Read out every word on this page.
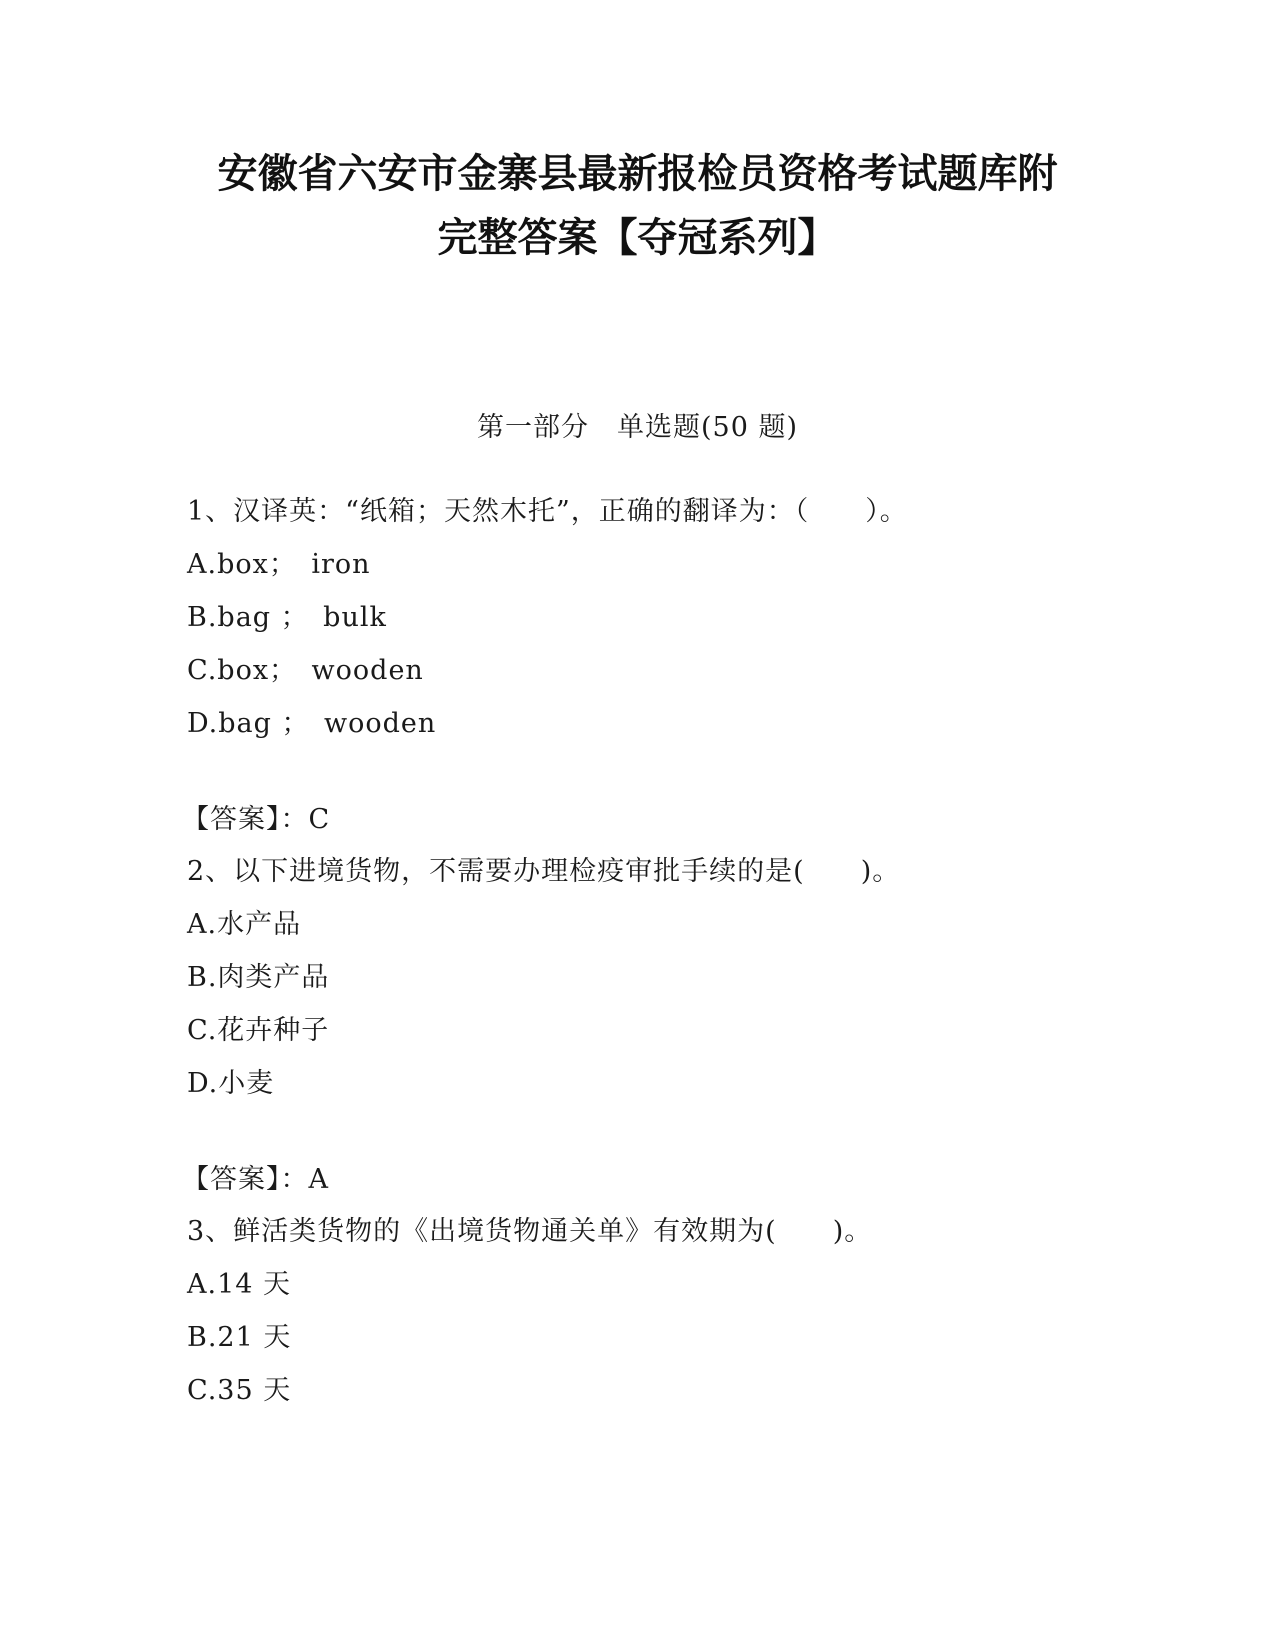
安徽省六安市金寨县最新报检员资格考试题库附
完整答案【夺冠系列】
第一部分　单选题(50 题)
1、汉译英：“纸箱；天然木托”，正确的翻译为：（　　）。
A.box；　iron
B.bag ；　bulk
C.box；　wooden
D.bag ；　wooden
【答案】：C
2、以下进境货物，不需要办理检疫审批手续的是(　　)。
A.水产品
B.肉类产品
C.花卉种子
D.小麦
【答案】：A
3、鲜活类货物的《出境货物通关单》有效期为(　　)。
A.14 天
B.21 天
C.35 天
